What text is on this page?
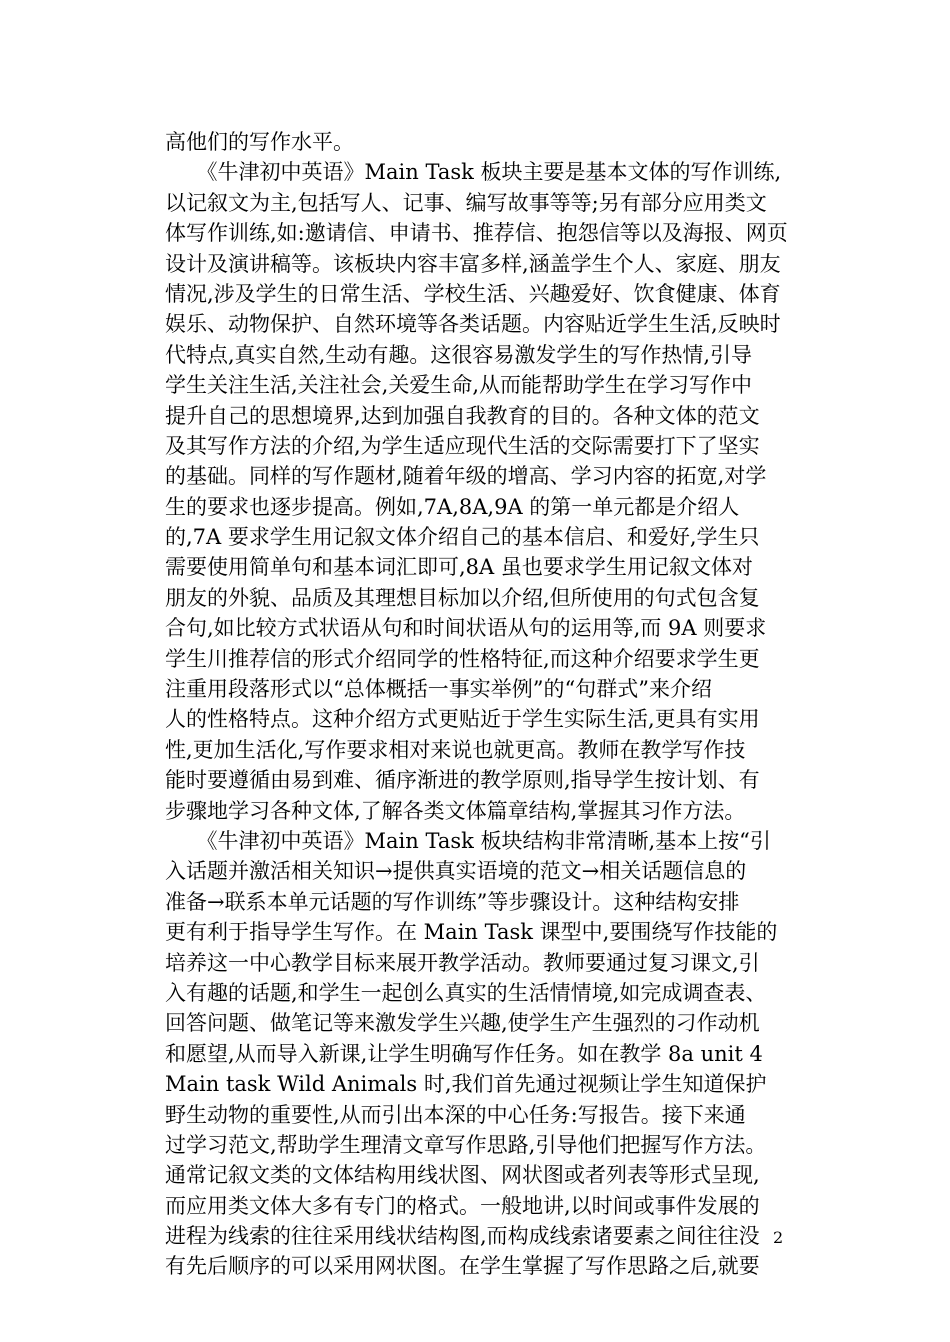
高他们的写作水平。
　　《牛津初中英语》Main Task 板块主要是基本文体的写作训练,
以记叙文为主,包括写人、记事、编写故事等等;另有部分应用类文
体写作训练,如:邀请信、申请书、推荐信、抱怨信等以及海报、网页
设计及演讲稿等。该板块内容丰富多样,涵盖学生个人、家庭、朋友
情况,涉及学生的日常生活、学校生活、兴趣爱好、饮食健康、体育
娱乐、动物保护、自然环境等各类话题。内容贴近学生生活,反映时
代特点,真实自然,生动有趣。这很容易激发学生的写作热情,引导
学生关注生活,关注社会,关爱生命,从而能帮助学生在学习写作中
提升自己的思想境界,达到加强自我教育的目的。各种文体的范文
及其写作方法的介绍,为学生适应现代生活的交际需要打下了坚实
的基础。同样的写作题材,随着年级的增高、学习内容的拓宽,对学
生的要求也逐步提高。例如,7A,8A,9A 的第一单元都是介绍人
的,7A 要求学生用记叙文体介绍自己的基本信启、和爱好,学生只
需要使用简单句和基本词汇即可,8A 虽也要求学生用记叙文体对
朋友的外貌、品质及其理想目标加以介绍,但所使用的句式包含复
合句,如比较方式状语从句和时间状语从句的运用等,而 9A 则要求
学生川推荐信的形式介绍同学的性格特征,而这种介绍要求学生更
注重用段落形式以“总体概括一事实举例”的“句群式”来介绍
人的性格特点。这种介绍方式更贴近于学生实际生活,更具有实用
性,更加生活化,写作要求相对来说也就更高。教师在教学写作技
能时要遵循由易到难、循序渐进的教学原则,指导学生按计划、有
步骤地学习各种文体,了解各类文体篇章结构,掌握其习作方法。
　　《牛津初中英语》Main Task 板块结构非常清晰,基本上按“引
入话题并激活相关知识→提供真实语境的范文→相关话题信息的
准备→联系本单元话题的写作训练”等步骤设计。这种结构安排
更有利于指导学生写作。在 Main Task 课型中,要围绕写作技能的
培养这一中心教学目标来展开教学活动。教师要通过复习课文,引
入有趣的话题,和学生一起创么真实的生活情情境,如完成调查表、
回答问题、做笔记等来激发学生兴趣,使学生产生强烈的刁作动机
和愿望,从而导入新课,让学生明确写作任务。如在教学 8a unit 4
Main task Wild Animals 时,我们首先通过视频让学生知道保护
野生动物的重要性,从而引出本深的中心任务:写报告。接下来通
过学习范文,帮助学生理清文章写作思路,引导他们把握写作方法。
通常记叙文类的文体结构用线状图、网状图或者列表等形式呈现,
而应用类文体大多有专门的格式。一般地讲,以时间或事件发展的
进程为线索的往往采用线状结构图,而构成线索诸要素之间往往没
有先后顺序的可以采用网状图。在学生掌握了写作思路之后,就要
2
